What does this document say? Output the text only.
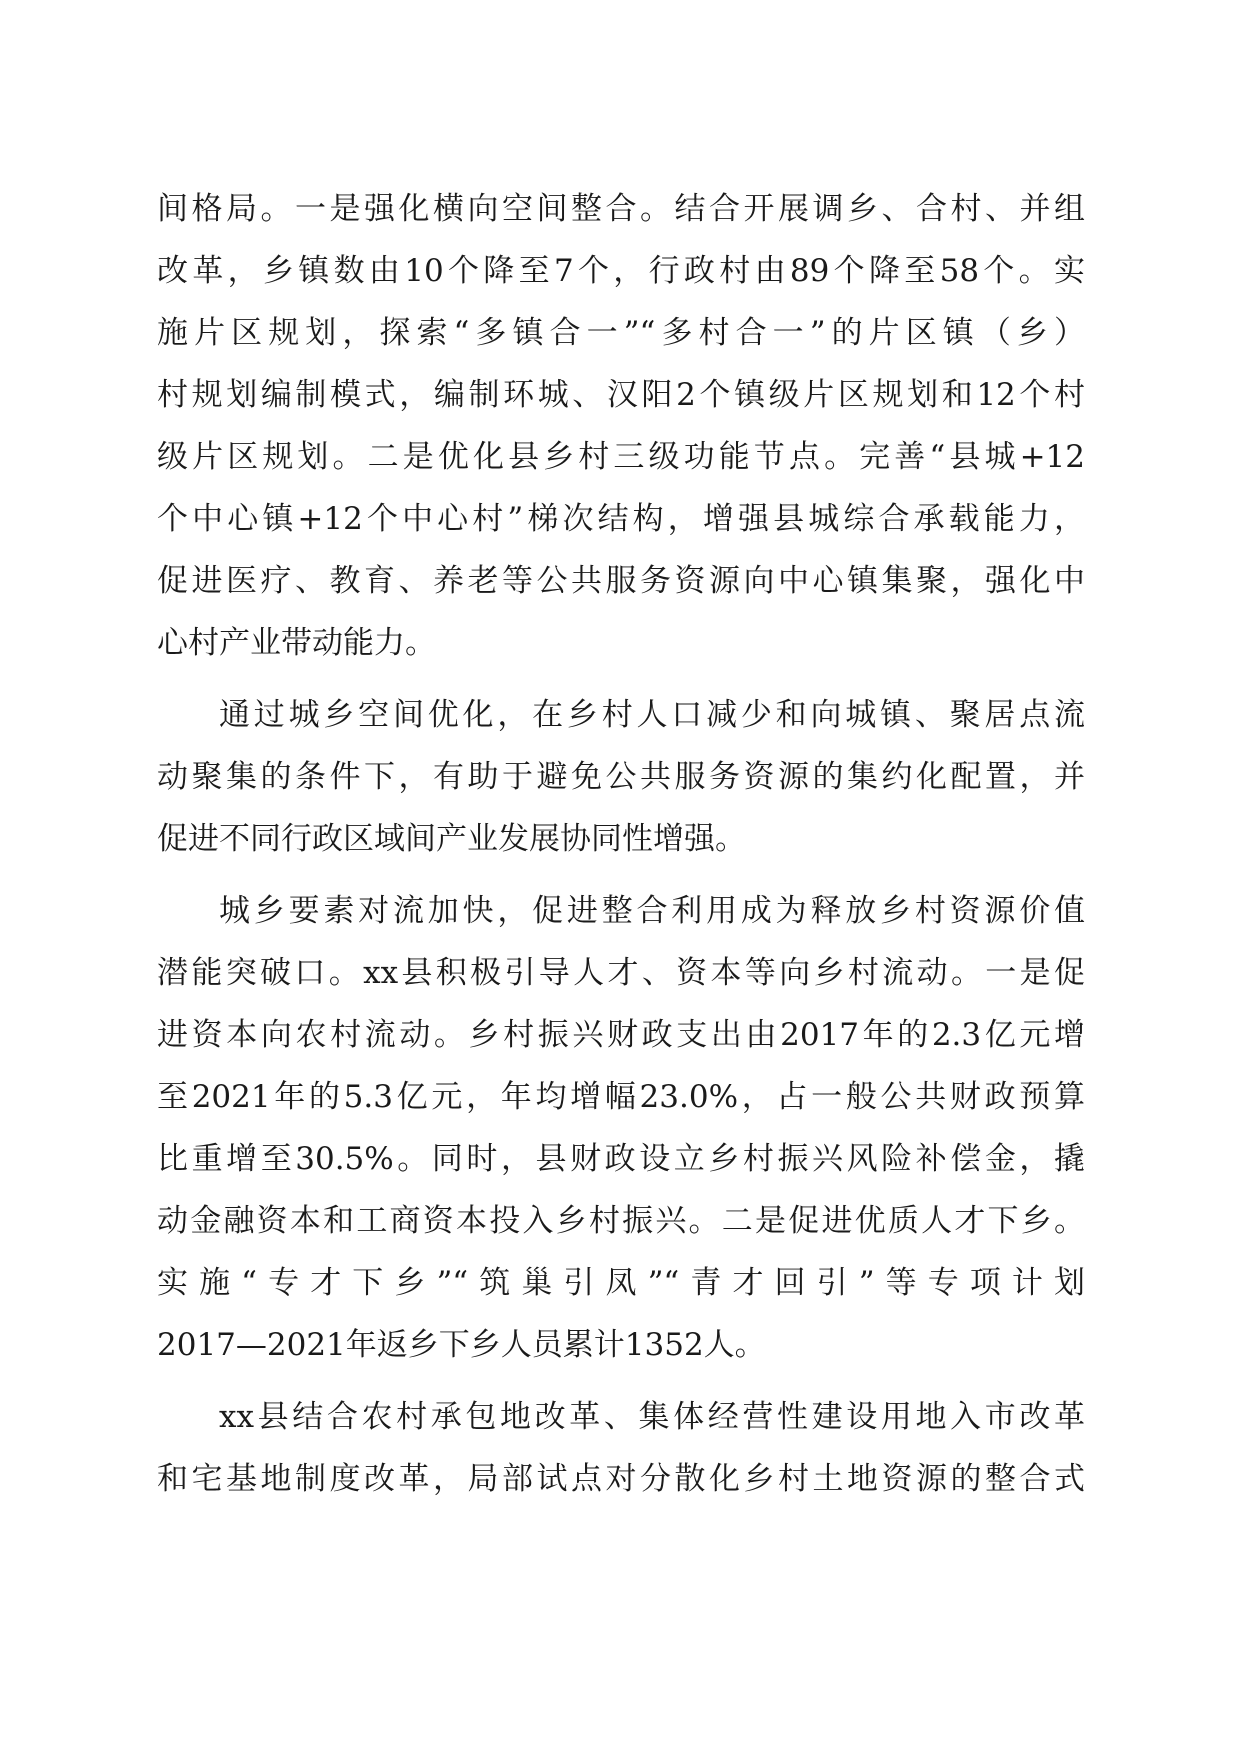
间格局。一是强化横向空间整合。结合开展调乡、合村、并组
改革，乡镇数由10个降至7个，行政村由89个降至58个。实
施片区规划，探索“多镇合一”“多村合一”的片区镇（乡）
村规划编制模式，编制环城、汉阳2个镇级片区规划和12个村
级片区规划。二是优化县乡村三级功能节点。完善“县城+12
个中心镇+12个中心村”梯次结构，增强县城综合承载能力，
促进医疗、教育、养老等公共服务资源向中心镇集聚，强化中
心村产业带动能力。
通过城乡空间优化，在乡村人口减少和向城镇、聚居点流
动聚集的条件下，有助于避免公共服务资源的集约化配置，并
促进不同行政区域间产业发展协同性增强。
城乡要素对流加快，促进整合利用成为释放乡村资源价值
潜能突破口。xx县积极引导人才、资本等向乡村流动。一是促
进资本向农村流动。乡村振兴财政支出由2017年的2.3亿元增
至2021年的5.3亿元，年均增幅23.0%，占一般公共财政预算
比重增至30.5%。同时，县财政设立乡村振兴风险补偿金，撬
动金融资本和工商资本投入乡村振兴。二是促进优质人才下乡。
实施“专才下乡”“筑巢引凤”“青才回引”等专项计划
2017—2021年返乡下乡人员累计1352人。
xx县结合农村承包地改革、集体经营性建设用地入市改革
和宅基地制度改革，局部试点对分散化乡村土地资源的整合式
